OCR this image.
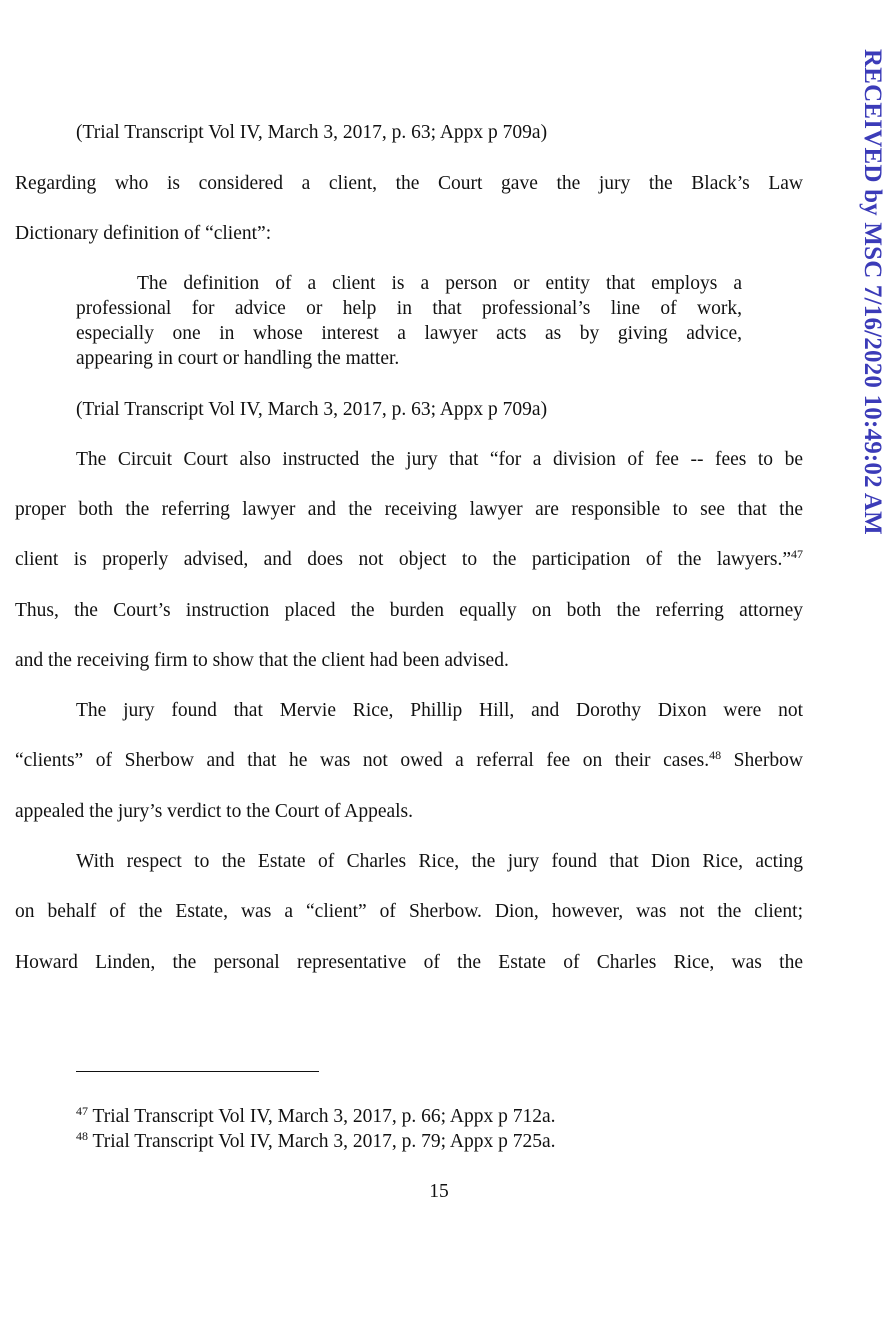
RECEIVED by MSC 7/16/2020 10:49:02 AM
(Trial Transcript Vol IV, March 3, 2017, p. 63; Appx p 709a)
Regarding who is considered a client, the Court gave the jury the Black’s Law
Dictionary definition of “client”:
The definition of a client is a person or entity that employs a
professional for advice or help in that professional’s line of work,
especially one in whose interest a lawyer acts as by giving advice,
appearing in court or handling the matter.
(Trial Transcript Vol IV, March 3, 2017, p. 63; Appx p 709a)
The Circuit Court also instructed the jury that “for a division of fee -- fees to be
proper both the referring lawyer and the receiving lawyer are responsible to see that the
client is properly advised, and does not object to the participation of the lawyers.”$^{47}$
Thus, the Court’s instruction placed the burden equally on both the referring attorney
and the receiving firm to show that the client had been advised.
The jury found that Mervie Rice, Phillip Hill, and Dorothy Dixon were not
“clients” of Sherbow and that he was not owed a referral fee on their cases.$^{48}$ Sherbow
appealed the jury’s verdict to the Court of Appeals.
With respect to the Estate of Charles Rice, the jury found that Dion Rice, acting
on behalf of the Estate, was a “client” of Sherbow. Dion, however, was not the client;
Howard Linden, the personal representative of the Estate of Charles Rice, was the
$^{47}$ Trial Transcript Vol IV, March 3, 2017, p. 66; Appx p 712a.
$^{48}$ Trial Transcript Vol IV, March 3, 2017, p. 79; Appx p 725a.
15
